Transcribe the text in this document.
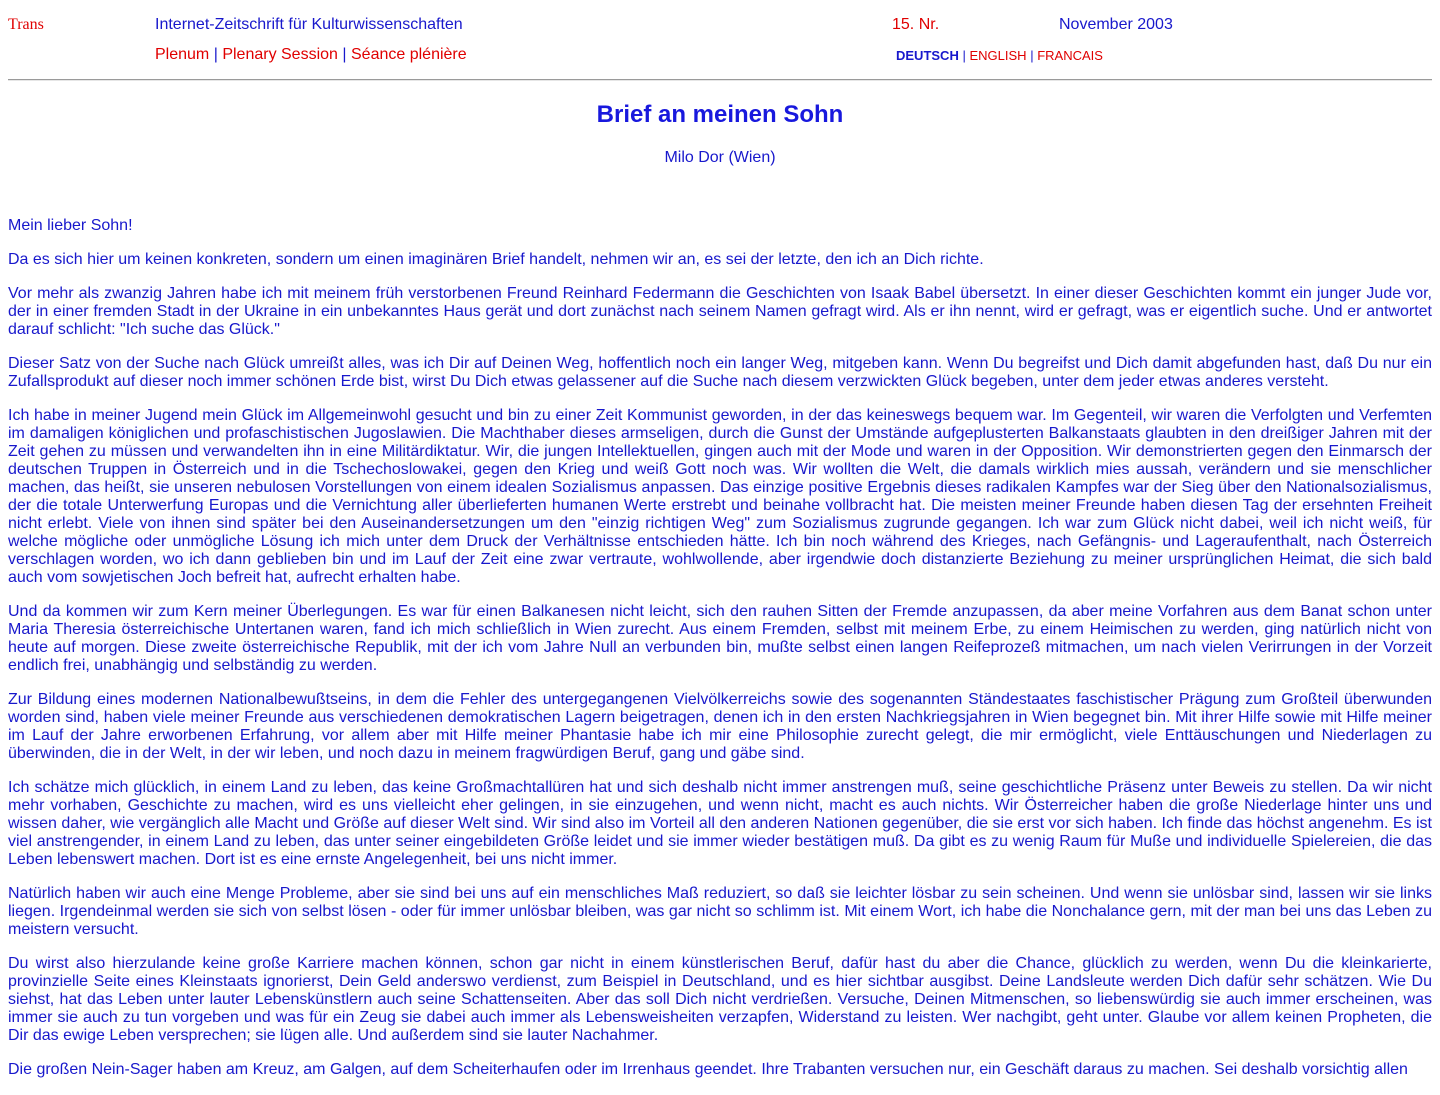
Trans	Internet-Zeitschrift für Kulturwissenschaften	15. Nr.	November 2003
Plenum | Plenary Session | Séance plénière	DEUTSCH | ENGLISH | FRANCAIS
Brief an meinen Sohn
Milo Dor (Wien)

Mein lieber Sohn!

Da es sich hier um keinen konkreten, sondern um einen imaginären Brief handelt, nehmen wir an, es sei der letzte, den ich an Dich richte.

Vor mehr als zwanzig Jahren habe ich mit meinem früh verstorbenen Freund Reinhard Federmann die Geschichten von Isaak Babel übersetzt. In einer dieser Geschichten kommt ein junger Jude vor, der in einer fremden Stadt in der Ukraine in ein unbekanntes Haus gerät und dort zunächst nach seinem Namen gefragt wird. Als er ihn nennt, wird er gefragt, was er eigentlich suche. Und er antwortet darauf schlicht: "Ich suche das Glück."

Dieser Satz von der Suche nach Glück umreißt alles, was ich Dir auf Deinen Weg, hoffentlich noch ein langer Weg, mitgeben kann. Wenn Du begreifst und Dich damit abgefunden hast, daß Du nur ein Zufallsprodukt auf dieser noch immer schönen Erde bist, wirst Du Dich etwas gelassener auf die Suche nach diesem verzwickten Glück begeben, unter dem jeder etwas anderes versteht.

Ich habe in meiner Jugend mein Glück im Allgemeinwohl gesucht und bin zu einer Zeit Kommunist geworden, in der das keineswegs bequem war. Im Gegenteil, wir waren die Verfolgten und Verfemten im damaligen königlichen und profaschistischen Jugoslawien. Die Machthaber dieses armseligen, durch die Gunst der Umstände aufgeplusterten Balkanstaats glaubten in den dreißiger Jahren mit der Zeit gehen zu müssen und verwandelten ihn in eine Militärdiktatur. Wir, die jungen Intellektuellen, gingen auch mit der Mode und waren in der Opposition. Wir demonstrierten gegen den Einmarsch der deutschen Truppen in Österreich und in die Tschechoslowakei, gegen den Krieg und weiß Gott noch was. Wir wollten die Welt, die damals wirklich mies aussah, verändern und sie menschlicher machen, das heißt, sie unseren nebulosen Vorstellungen von einem idealen Sozialismus anpassen. Das einzige positive Ergebnis dieses radikalen Kampfes war der Sieg über den Nationalsozialismus, der die totale Unterwerfung Europas und die Vernichtung aller überlieferten humanen Werte erstrebt und beinahe vollbracht hat. Die meisten meiner Freunde haben diesen Tag der ersehnten Freiheit nicht erlebt. Viele von ihnen sind später bei den Auseinandersetzungen um den "einzig richtigen Weg" zum Sozialismus zugrunde gegangen. Ich war zum Glück nicht dabei, weil ich nicht weiß, für welche mögliche oder unmögliche Lösung ich mich unter dem Druck der Verhältnisse entschieden hätte. Ich bin noch während des Krieges, nach Gefängnis- und Lageraufenthalt, nach Österreich verschlagen worden, wo ich dann geblieben bin und im Lauf der Zeit eine zwar vertraute, wohlwollende, aber irgendwie doch distanzierte Beziehung zu meiner ursprünglichen Heimat, die sich bald auch vom sowjetischen Joch befreit hat, aufrecht erhalten habe.

Und da kommen wir zum Kern meiner Überlegungen. Es war für einen Balkanesen nicht leicht, sich den rauhen Sitten der Fremde anzupassen, da aber meine Vorfahren aus dem Banat schon unter Maria Theresia österreichische Untertanen waren, fand ich mich schließlich in Wien zurecht. Aus einem Fremden, selbst mit meinem Erbe, zu einem Heimischen zu werden, ging natürlich nicht von heute auf morgen. Diese zweite österreichische Republik, mit der ich vom Jahre Null an verbunden bin, mußte selbst einen langen Reifeprozeß mitmachen, um nach vielen Verirrungen in der Vorzeit endlich frei, unabhängig und selbständig zu werden.

Zur Bildung eines modernen Nationalbewußtseins, in dem die Fehler des untergegangenen Vielvölkerreichs sowie des sogenannten Ständestaates faschistischer Prägung zum Großteil überwunden worden sind, haben viele meiner Freunde aus verschiedenen demokratischen Lagern beigetragen, denen ich in den ersten Nachkriegsjahren in Wien begegnet bin. Mit ihrer Hilfe sowie mit Hilfe meiner im Lauf der Jahre erworbenen Erfahrung, vor allem aber mit Hilfe meiner Phantasie habe ich mir eine Philosophie zurecht gelegt, die mir ermöglicht, viele Enttäuschungen und Niederlagen zu überwinden, die in der Welt, in der wir leben, und noch dazu in meinem fragwürdigen Beruf, gang und gäbe sind.

Ich schätze mich glücklich, in einem Land zu leben, das keine Großmachtallüren hat und sich deshalb nicht immer anstrengen muß, seine geschichtliche Präsenz unter Beweis zu stellen. Da wir nicht mehr vorhaben, Geschichte zu machen, wird es uns vielleicht eher gelingen, in sie einzugehen, und wenn nicht, macht es auch nichts. Wir Österreicher haben die große Niederlage hinter uns und wissen daher, wie vergänglich alle Macht und Größe auf dieser Welt sind. Wir sind also im Vorteil all den anderen Nationen gegenüber, die sie erst vor sich haben. Ich finde das höchst angenehm. Es ist viel anstrengender, in einem Land zu leben, das unter seiner eingebildeten Größe leidet und sie immer wieder bestätigen muß. Da gibt es zu wenig Raum für Muße und individuelle Spielereien, die das Leben lebenswert machen. Dort ist es eine ernste Angelegenheit, bei uns nicht immer.

Natürlich haben wir auch eine Menge Probleme, aber sie sind bei uns auf ein menschliches Maß reduziert, so daß sie leichter lösbar zu sein scheinen. Und wenn sie unlösbar sind, lassen wir sie links liegen. Irgendeinmal werden sie sich von selbst lösen - oder für immer unlösbar bleiben, was gar nicht so schlimm ist. Mit einem Wort, ich habe die Nonchalance gern, mit der man bei uns das Leben zu meistern versucht.

Du wirst also hierzulande keine große Karriere machen können, schon gar nicht in einem künstlerischen Beruf, dafür hast du aber die Chance, glücklich zu werden, wenn Du die kleinkarierte, provinzielle Seite eines Kleinstaats ignorierst, Dein Geld anderswo verdienst, zum Beispiel in Deutschland, und es hier sichtbar ausgibst. Deine Landsleute werden Dich dafür sehr schätzen. Wie Du siehst, hat das Leben unter lauter Lebenskünstlern auch seine Schattenseiten. Aber das soll Dich nicht verdrießen. Versuche, Deinen Mitmenschen, so liebenswürdig sie auch immer erscheinen, was immer sie auch zu tun vorgeben und was für ein Zeug sie dabei auch immer als Lebensweisheiten verzapfen, Widerstand zu leisten. Wer nachgibt, geht unter. Glaube vor allem keinen Propheten, die Dir das ewige Leben versprechen; sie lügen alle. Und außerdem sind sie lauter Nachahmer.

Die großen Nein-Sager haben am Kreuz, am Galgen, auf dem Scheiterhaufen oder im Irrenhaus geendet. Ihre Trabanten versuchen nur, ein Geschäft daraus zu machen. Sei deshalb vorsichtig allen
